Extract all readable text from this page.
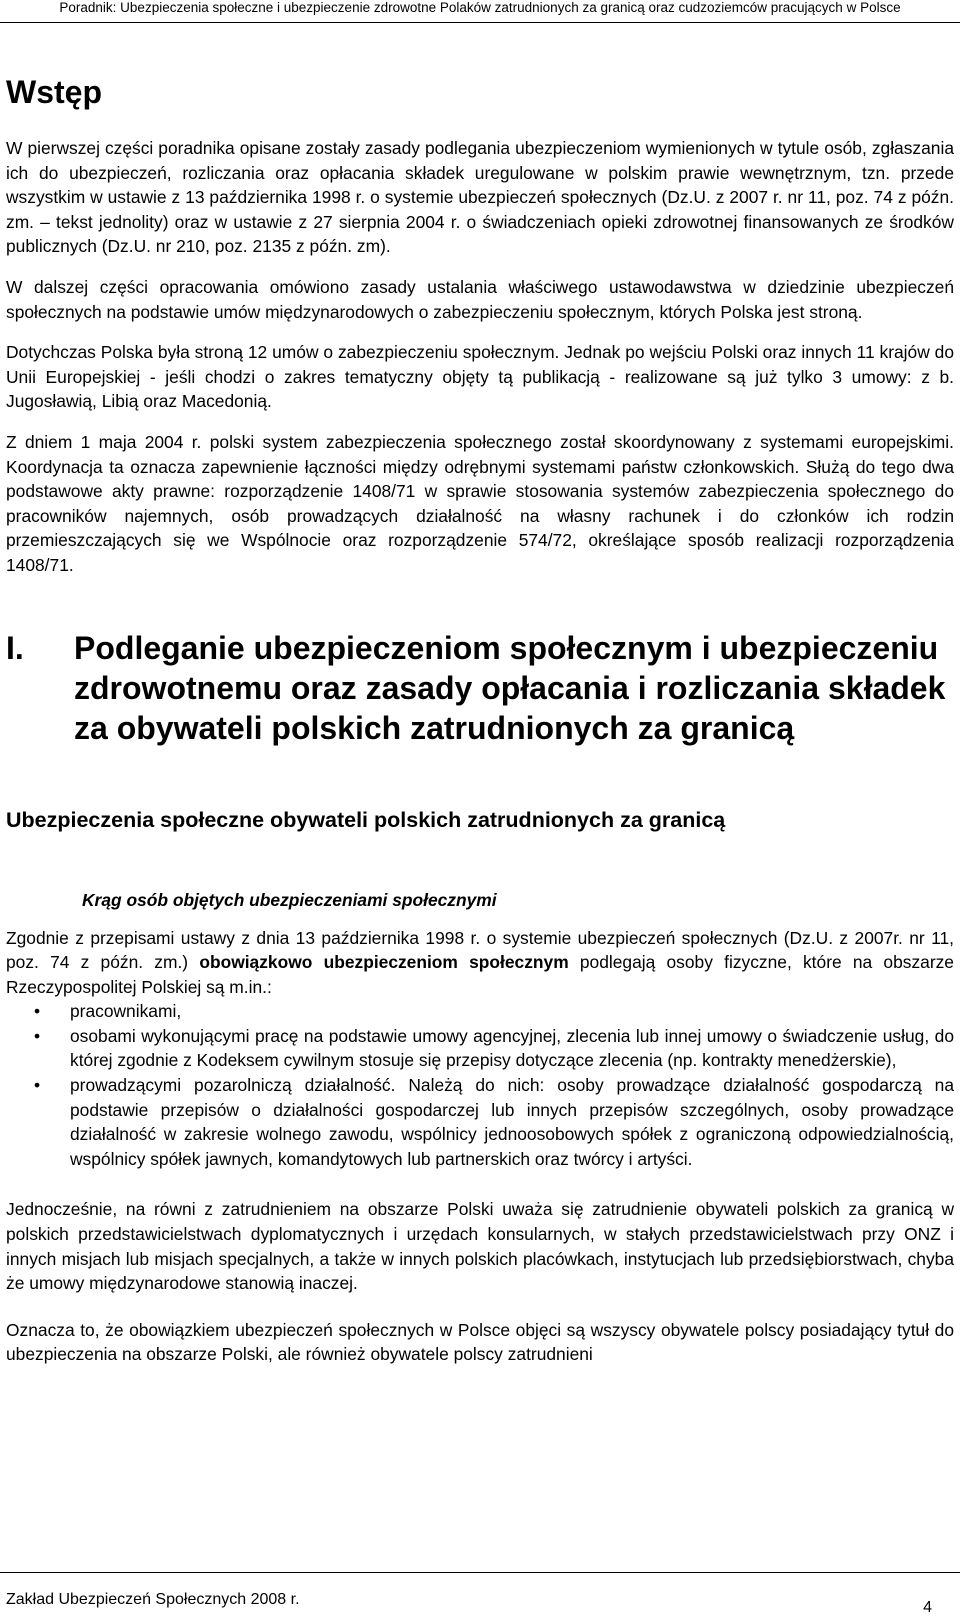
Poradnik: Ubezpieczenia społeczne i ubezpieczenie zdrowotne Polaków zatrudnionych za granicą oraz cudzoziemców pracujących w Polsce
Wstęp

W pierwszej części poradnika opisane zostały zasady podlegania ubezpieczeniom wymienionych w tytule osób, zgłaszania ich do ubezpieczeń, rozliczania oraz opłacania składek uregulowane w polskim prawie wewnętrznym, tzn. przede wszystkim w ustawie z 13 października 1998 r. o systemie ubezpieczeń społecznych (Dz.U. z 2007 r. nr 11, poz. 74 z późn. zm. – tekst jednolity) oraz w ustawie z 27 sierpnia 2004 r. o świadczeniach opieki zdrowotnej finansowanych ze środków publicznych (Dz.U. nr 210, poz. 2135 z późn. zm).

W dalszej części opracowania omówiono zasady ustalania właściwego ustawodawstwa w dziedzinie ubezpieczeń społecznych na podstawie umów międzynarodowych o zabezpieczeniu społecznym, których Polska jest stroną.

Dotychczas Polska była stroną 12 umów o zabezpieczeniu społecznym. Jednak po wejściu Polski oraz innych 11 krajów do Unii Europejskiej - jeśli chodzi o zakres tematyczny objęty tą publikacją - realizowane są już tylko 3 umowy: z b. Jugosławią, Libią oraz Macedonią.

Z dniem 1 maja 2004 r. polski system zabezpieczenia społecznego został skoordynowany z systemami europejskimi. Koordynacja ta oznacza zapewnienie łączności między odrębnymi systemami państw członkowskich. Służą do tego dwa podstawowe akty prawne: rozporządzenie 1408/71 w sprawie stosowania systemów zabezpieczenia społecznego do pracowników najemnych, osób prowadzących działalność na własny rachunek i do członków ich rodzin przemieszczających się we Wspólnocie oraz rozporządzenie 574/72, określające sposób realizacji rozporządzenia 1408/71.

I.	Podleganie ubezpieczeniom społecznym i ubezpieczeniu zdrowotnemu oraz zasady opłacania i rozliczania składek za obywateli polskich zatrudnionych za granicą
Ubezpieczenia społeczne obywateli polskich zatrudnionych za granicą
Krąg osób objętych ubezpieczeniami społecznymi

Zgodnie z przepisami ustawy z dnia 13 października 1998 r. o systemie ubezpieczeń społecznych (Dz.U. z 2007r. nr 11, poz. 74 z późn. zm.) obowiązkowo ubezpieczeniom społecznym podlegają osoby fizyczne, które na obszarze Rzeczypospolitej Polskiej są m.in.:

• pracownikami,
• osobami wykonującymi pracę na podstawie umowy agencyjnej, zlecenia lub innej umowy o świadczenie usług, do której zgodnie z Kodeksem cywilnym stosuje się przepisy dotyczące zlecenia (np. kontrakty menedżerskie),
• prowadzącymi pozarolniczą działalność. Należą do nich: osoby prowadzące działalność gospodarczą na podstawie przepisów o działalności gospodarczej lub innych przepisów szczególnych, osoby prowadzące działalność w zakresie wolnego zawodu, wspólnicy jednoosobowych spółek z ograniczoną odpowiedzialnością, wspólnicy spółek jawnych, komandytowych lub partnerskich oraz twórcy i artyści.

Jednocześnie, na równi z zatrudnieniem na obszarze Polski uważa się zatrudnienie obywateli polskich za granicą w polskich przedstawicielstwach dyplomatycznych i urzędach konsularnych, w stałych przedstawicielstwach przy ONZ i innych misjach lub misjach specjalnych, a także w innych polskich placówkach, instytucjach lub przedsiębiorstwach, chyba że umowy międzynarodowe stanowią inaczej.

Oznacza to, że obowiązkiem ubezpieczeń społecznych w Polsce objęci są wszyscy obywatele polscy posiadający tytuł do ubezpieczenia na obszarze Polski, ale również obywatele polscy zatrudnieni

Zakład Ubezpieczeń Społecznych 2008 r.	4
